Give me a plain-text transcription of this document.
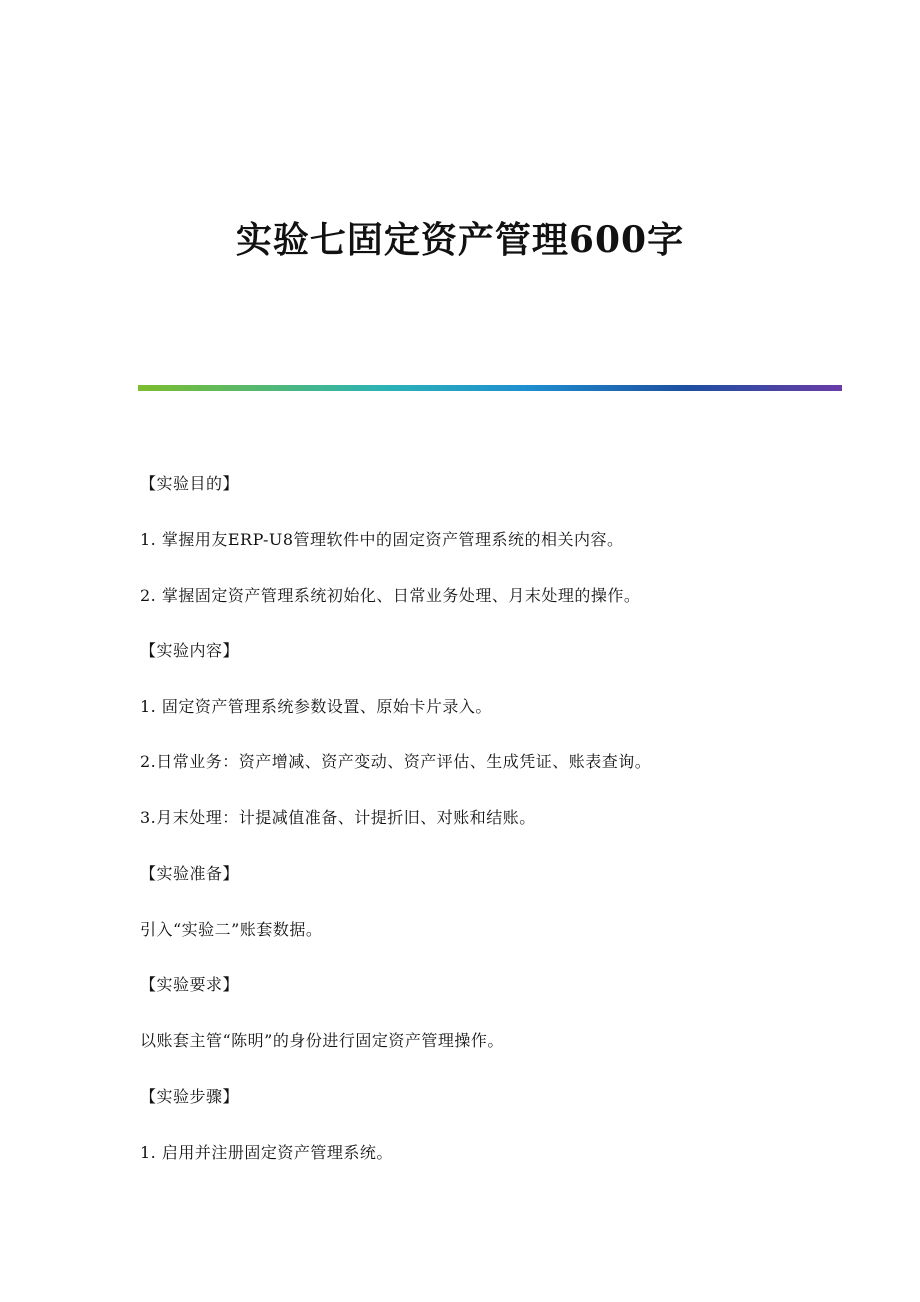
实验七固定资产管理600字

【实验目的】

1. 掌握用友ERP-U8管理软件中的固定资产管理系统的相关内容。

2. 掌握固定资产管理系统初始化、日常业务处理、月末处理的操作。

【实验内容】

1. 固定资产管理系统参数设置、原始卡片录入。

2.日常业务：资产增减、资产变动、资产评估、生成凭证、账表查询。

3.月末处理：计提减值准备、计提折旧、对账和结账。

【实验准备】

引入“实验二”账套数据。

【实验要求】

以账套主管“陈明”的身份进行固定资产管理操作。

【实验步骤】

1. 启用并注册固定资产管理系统。
